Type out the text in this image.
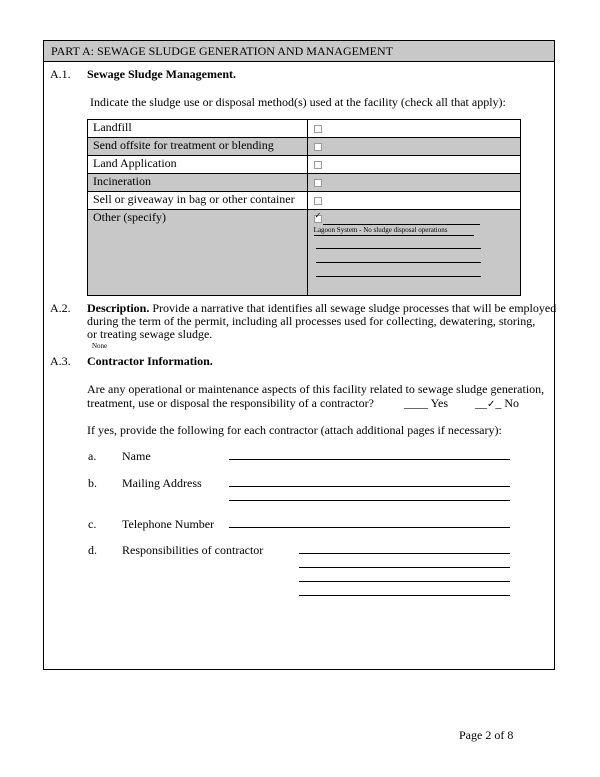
PART A: SEWAGE SLUDGE GENERATION AND MANAGEMENT
A.1. Sewage Sludge Management.
Indicate the sludge use or disposal method(s) used at the facility (check all that apply):
Landfill	
Send offsite for treatment or blending	
Land Application	
Incineration	
Sell or giveaway in bag or other container	
Other (specify)	✓
Lagoon System - No sludge disposal operations
A.2. Description. Provide a narrative that identifies all sewage sludge processes that will be employed
during the term of the permit, including all processes used for collecting, dewatering, storing,
or treating sewage sludge.
None
A.3. Contractor Information.
Are any operational or maintenance aspects of this facility related to sewage sludge generation,
treatment, use or disposal the responsibility of a contractor?	____ Yes __✓_ No
If yes, provide the following for each contractor (attach additional pages if necessary):
a. Name
b. Mailing Address
c. Telephone Number
d. Responsibilities of contractor
Page 2 of 8
